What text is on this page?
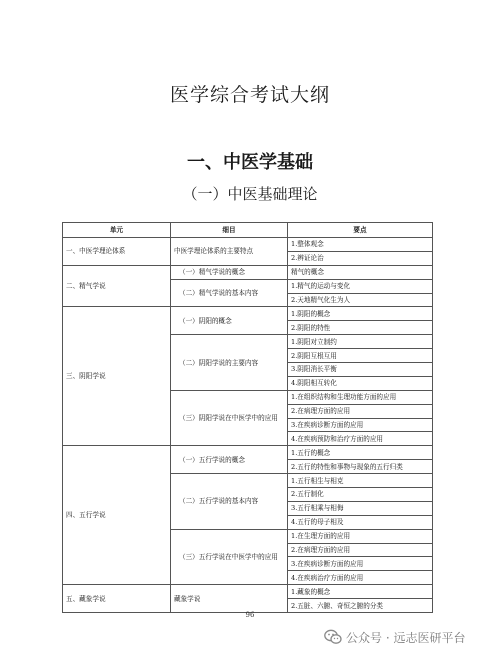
医学综合考试大纲
一、中医学基础
（一）中医基础理论
单元	细目	要点
一、中医学理论体系	中医学理论体系的主要特点	1.整体观念
		2.辨证论治
二、精气学说	（一）精气学说的概念	精气的概念
	（二）精气学说的基本内容	1.精气的运动与变化
		2.天地精气化生为人
三、阴阳学说	（一）阴阳的概念	1.阴阳的概念
		2.阴阳的特性
	（二）阴阳学说的主要内容	1.阴阳对立制约
		2.阴阳互根互用
		3.阴阳消长平衡
		4.阴阳相互转化
	（三）阴阳学说在中医学中的应用	1.在组织结构和生理功能方面的应用
		2.在病理方面的应用
		3.在疾病诊断方面的应用
		4.在疾病预防和治疗方面的应用
四、五行学说	（一）五行学说的概念	1.五行的概念
		2.五行的特性和事物与现象的五行归类
	（二）五行学说的基本内容	1.五行相生与相克
		2.五行制化
		3.五行相乘与相侮
		4.五行的母子相及
	（三）五行学说在中医学中的应用	1.在生理方面的应用
		2.在病理方面的应用
		3.在疾病诊断方面的应用
		4.在疾病治疗方面的应用
五、藏象学说	藏象学说	1.藏象的概念
		2.五脏、六腑、奇恒之腑的分类
96
公众号 · 远志医研平台
